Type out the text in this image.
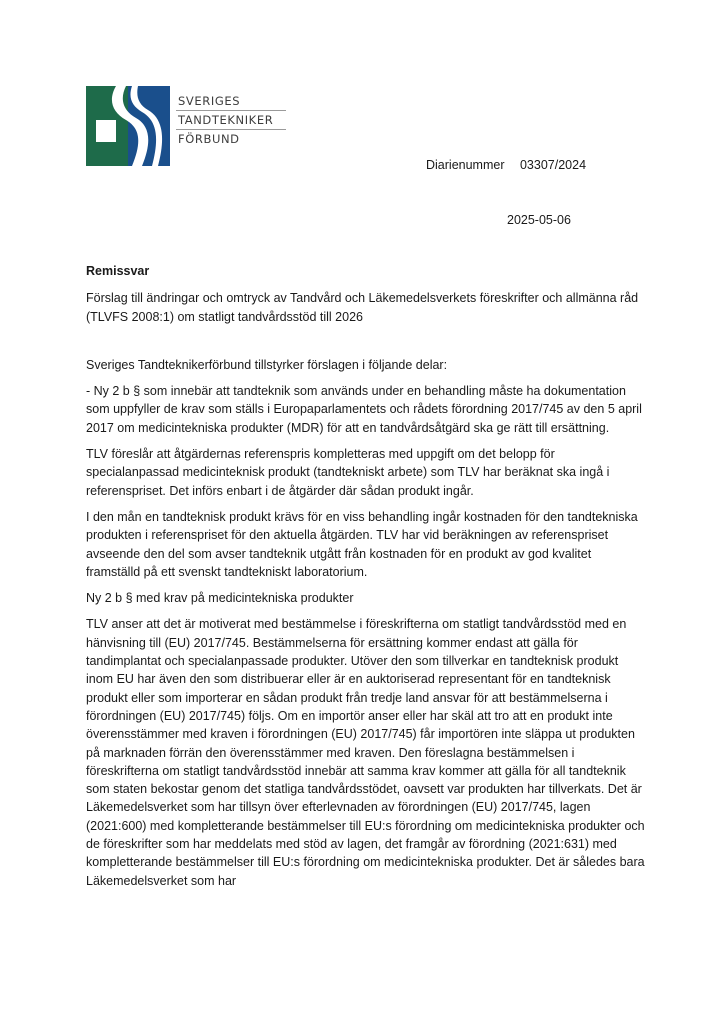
SVERIGES
TANDTEKNIKER
FÖRBUND
Diarienummer 03307/2024
2025-05-06

Remissvar

Förslag till ändringar och omtryck av Tandvård och Läkemedelsverkets föreskrifter och allmänna råd (TLVFS 2008:1) om statligt tandvårdsstöd till 2026

Sveriges Tandteknikerförbund tillstyrker förslagen i följande delar:

- Ny 2 b § som innebär att tandteknik som används under en behandling måste ha dokumentation som uppfyller de krav som ställs i Europaparlamentets och rådets förordning 2017/745 av den 5 april 2017 om medicintekniska produkter (MDR) för att en tandvårdsåtgärd ska ge rätt till ersättning.

TLV föreslår att åtgärdernas referenspris kompletteras med uppgift om det belopp för specialanpassad medicinteknisk produkt (tandtekniskt arbete) som TLV har beräknat ska ingå i referenspriset. Det införs enbart i de åtgärder där sådan produkt ingår.

I den mån en tandteknisk produkt krävs för en viss behandling ingår kostnaden för den tandtekniska produkten i referenspriset för den aktuella åtgärden. TLV har vid beräkningen av referenspriset avseende den del som avser tandteknik utgått från kostnaden för en produkt av god kvalitet framställd på ett svenskt tandtekniskt laboratorium.

Ny 2 b § med krav på medicintekniska produkter

TLV anser att det är motiverat med bestämmelse i föreskrifterna om statligt tandvårdsstöd med en hänvisning till (EU) 2017/745. Bestämmelserna för ersättning kommer endast att gälla för tandimplantat och specialanpassade produkter. Utöver den som tillverkar en tandteknisk produkt inom EU har även den som distribuerar eller är en auktoriserad representant för en tandteknisk produkt eller som importerar en sådan produkt från tredje land ansvar för att bestämmelserna i förordningen (EU) 2017/745) följs. Om en importör anser eller har skäl att tro att en produkt inte överensstämmer med kraven i förordningen (EU) 2017/745) får importören inte släppa ut produkten på marknaden förrän den överensstämmer med kraven. Den föreslagna bestämmelsen i föreskrifterna om statligt tandvårdsstöd innebär att samma krav kommer att gälla för all tandteknik som staten bekostar genom det statliga tandvårdsstödet, oavsett var produkten har tillverkats. Det är Läkemedelsverket som har tillsyn över efterlevnaden av förordningen (EU) 2017/745, lagen (2021:600) med kompletterande bestämmelser till EU:s förordning om medicintekniska produkter och de föreskrifter som har meddelats med stöd av lagen, det framgår av förordning (2021:631) med kompletterande bestämmelser till EU:s förordning om medicintekniska produkter. Det är således bara Läkemedelsverket som har
